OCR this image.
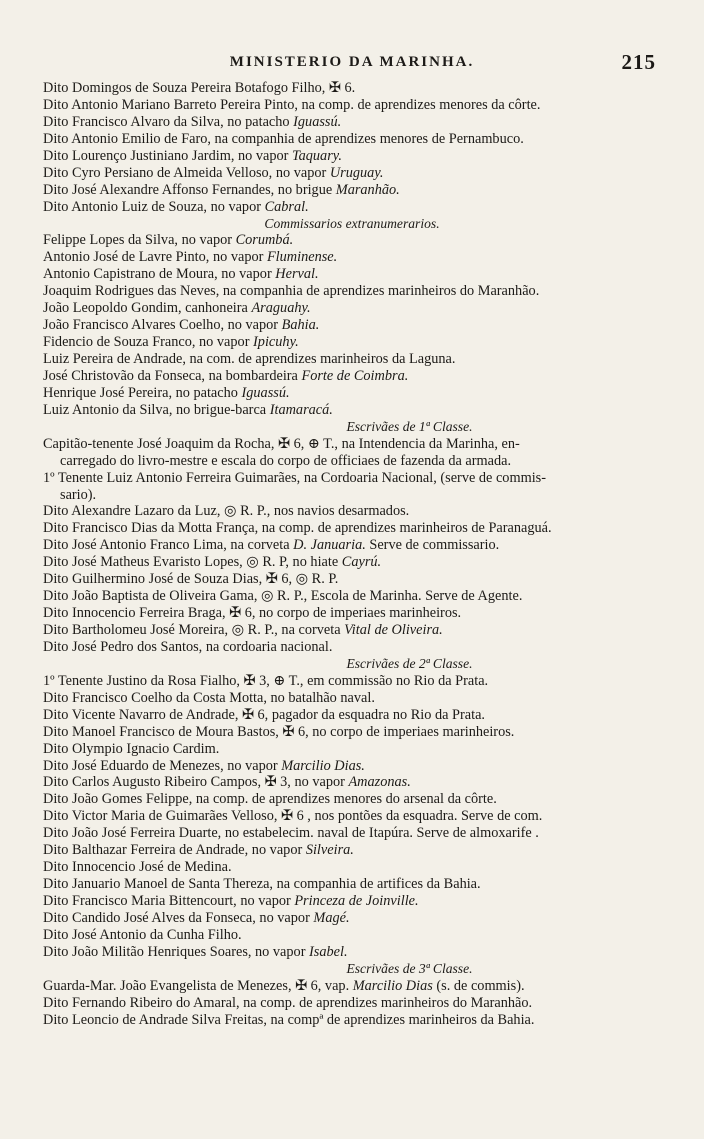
MINISTERIO DA MARINHA.	215
Dito Domingos de Souza Pereira Botafogo Filho, ✠ 6.
Dito Antonio Mariano Barreto Pereira Pinto, na comp. de aprendizes menores da côrte.
Dito Francisco Alvaro da Silva, no patacho Iguassú.
Dito Antonio Emilio de Faro, na companhia de aprendizes menores de Pernambuco.
Dito Lourenço Justiniano Jardim, no vapor Taquary.
Dito Cyro Persiano de Almeida Velloso, no vapor Uruguay.
Dito José Alexandre Affonso Fernandes, no brigue Maranhão.
Dito Antonio Luiz de Souza, no vapor Cabral.
Commissarios extranumerarios.
Felippe Lopes da Silva, no vapor Corumbá.
Antonio José de Lavre Pinto, no vapor Fluminense.
Antonio Capistrano de Moura, no vapor Herval.
Joaquim Rodrigues das Neves, na companhia de aprendizes marinheiros do Maranhão.
João Leopoldo Gondim, canhoneira Araguahy.
João Francisco Alvares Coelho, no vapor Bahia.
Fidencio de Souza Franco, no vapor Ipicuhy.
Luiz Pereira de Andrade, na com. de aprendizes marinheiros da Laguna.
José Christovão da Fonseca, na bombardeira Forte de Coimbra.
Henrique José Pereira, no patacho Iguassú.
Luiz Antonio da Silva, no brigue-barca Itamaracá.
Escrivães de 1ª Classe.
Capitão-tenente José Joaquim da Rocha, ✠ 6, ⊕ T., na Intendencia da Marinha, en-
carregado do livro-mestre e escala do corpo de officiaes de fazenda da armada.
1º Tenente Luiz Antonio Ferreira Guimarães, na Cordoaria Nacional, (serve de commis-
sario).
Dito Alexandre Lazaro da Luz, ◎ R. P., nos navios desarmados.
Dito Francisco Dias da Motta França, na comp. de aprendizes marinheiros de Paranaguá.
Dito José Antonio Franco Lima, na corveta D. Januaria. Serve de commissario.
Dito José Matheus Evaristo Lopes, ◎ R. P, no hiate Cayrú.
Dito Guilhermino José de Souza Dias, ✠ 6, ◎ R. P.
Dito João Baptista de Oliveira Gama, ◎ R. P., Escola de Marinha. Serve de Agente.
Dito Innocencio Ferreira Braga, ✠ 6, no corpo de imperiaes marinheiros.
Dito Bartholomeu José Moreira, ◎ R. P., na corveta Vital de Oliveira.
Dito José Pedro dos Santos, na cordoaria nacional.
Escrivães de 2ª Classe.
1º Tenente Justino da Rosa Fialho, ✠ 3, ⊕ T., em commissão no Rio da Prata.
Dito Francisco Coelho da Costa Motta, no batalhão naval.
Dito Vicente Navarro de Andrade, ✠ 6, pagador da esquadra no Rio da Prata.
Dito Manoel Francisco de Moura Bastos, ✠ 6, no corpo de imperiaes marinheiros.
Dito Olympio Ignacio Cardim.
Dito José Eduardo de Menezes, no vapor Marcilio Dias.
Dito Carlos Augusto Ribeiro Campos, ✠ 3, no vapor Amazonas.
Dito João Gomes Felippe, na comp. de aprendizes menores do arsenal da côrte.
Dito Victor Maria de Guimarães Velloso, ✠ 6 , nos pontões da esquadra. Serve de com.
Dito João José Ferreira Duarte, no estabelecim. naval de Itapúra. Serve de almoxarife .
Dito Balthazar Ferreira de Andrade, no vapor Silveira.
Dito Innocencio José de Medina.
Dito Januario Manoel de Santa Thereza, na companhia de artifices da Bahia.
Dito Francisco Maria Bittencourt, no vapor Princeza de Joinville.
Dito Candido José Alves da Fonseca, no vapor Magé.
Dito José Antonio da Cunha Filho.
Dito João Militão Henriques Soares, no vapor Isabel.
Escrivães de 3ª Classe.
Guarda-Mar. João Evangelista de Menezes, ✠ 6, vap. Marcilio Dias (s. de commis).
Dito Fernando Ribeiro do Amaral, na comp. de aprendizes marinheiros do Maranhão.
Dito Leoncio de Andrade Silva Freitas, na compª de aprendizes marinheiros da Bahia.
